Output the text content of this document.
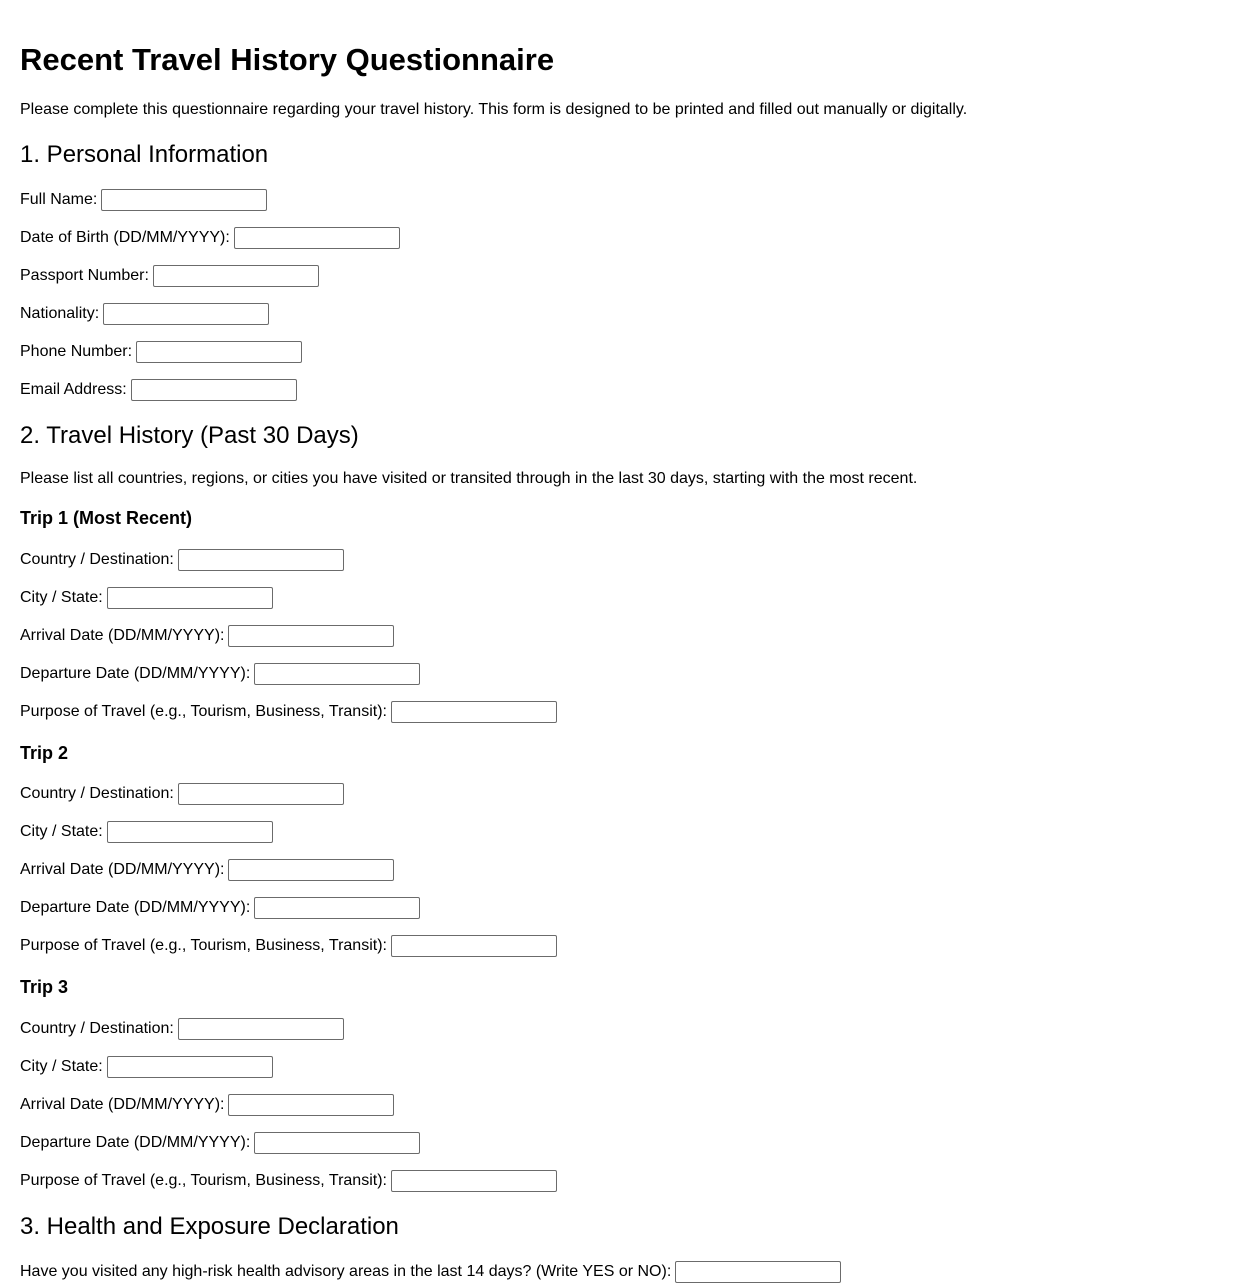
Recent Travel History Questionnaire

Please complete this questionnaire regarding your travel history. This form is designed to be printed and filled out manually or digitally.

1. Personal Information
Full Name:
Date of Birth (DD/MM/YYYY):
Passport Number:
Nationality:
Phone Number:
Email Address:
2. Travel History (Past 30 Days)

Please list all countries, regions, or cities you have visited or transited through in the last 30 days, starting with the most recent.

Trip 1 (Most Recent)
Country / Destination:
City / State:
Arrival Date (DD/MM/YYYY):
Departure Date (DD/MM/YYYY):
Purpose of Travel (e.g., Tourism, Business, Transit):
Trip 2
Country / Destination:
City / State:
Arrival Date (DD/MM/YYYY):
Departure Date (DD/MM/YYYY):
Purpose of Travel (e.g., Tourism, Business, Transit):
Trip 3
Country / Destination:
City / State:
Arrival Date (DD/MM/YYYY):
Departure Date (DD/MM/YYYY):
Purpose of Travel (e.g., Tourism, Business, Transit):
3. Health and Exposure Declaration
Have you visited any high-risk health advisory areas in the last 14 days? (Write YES or NO):
